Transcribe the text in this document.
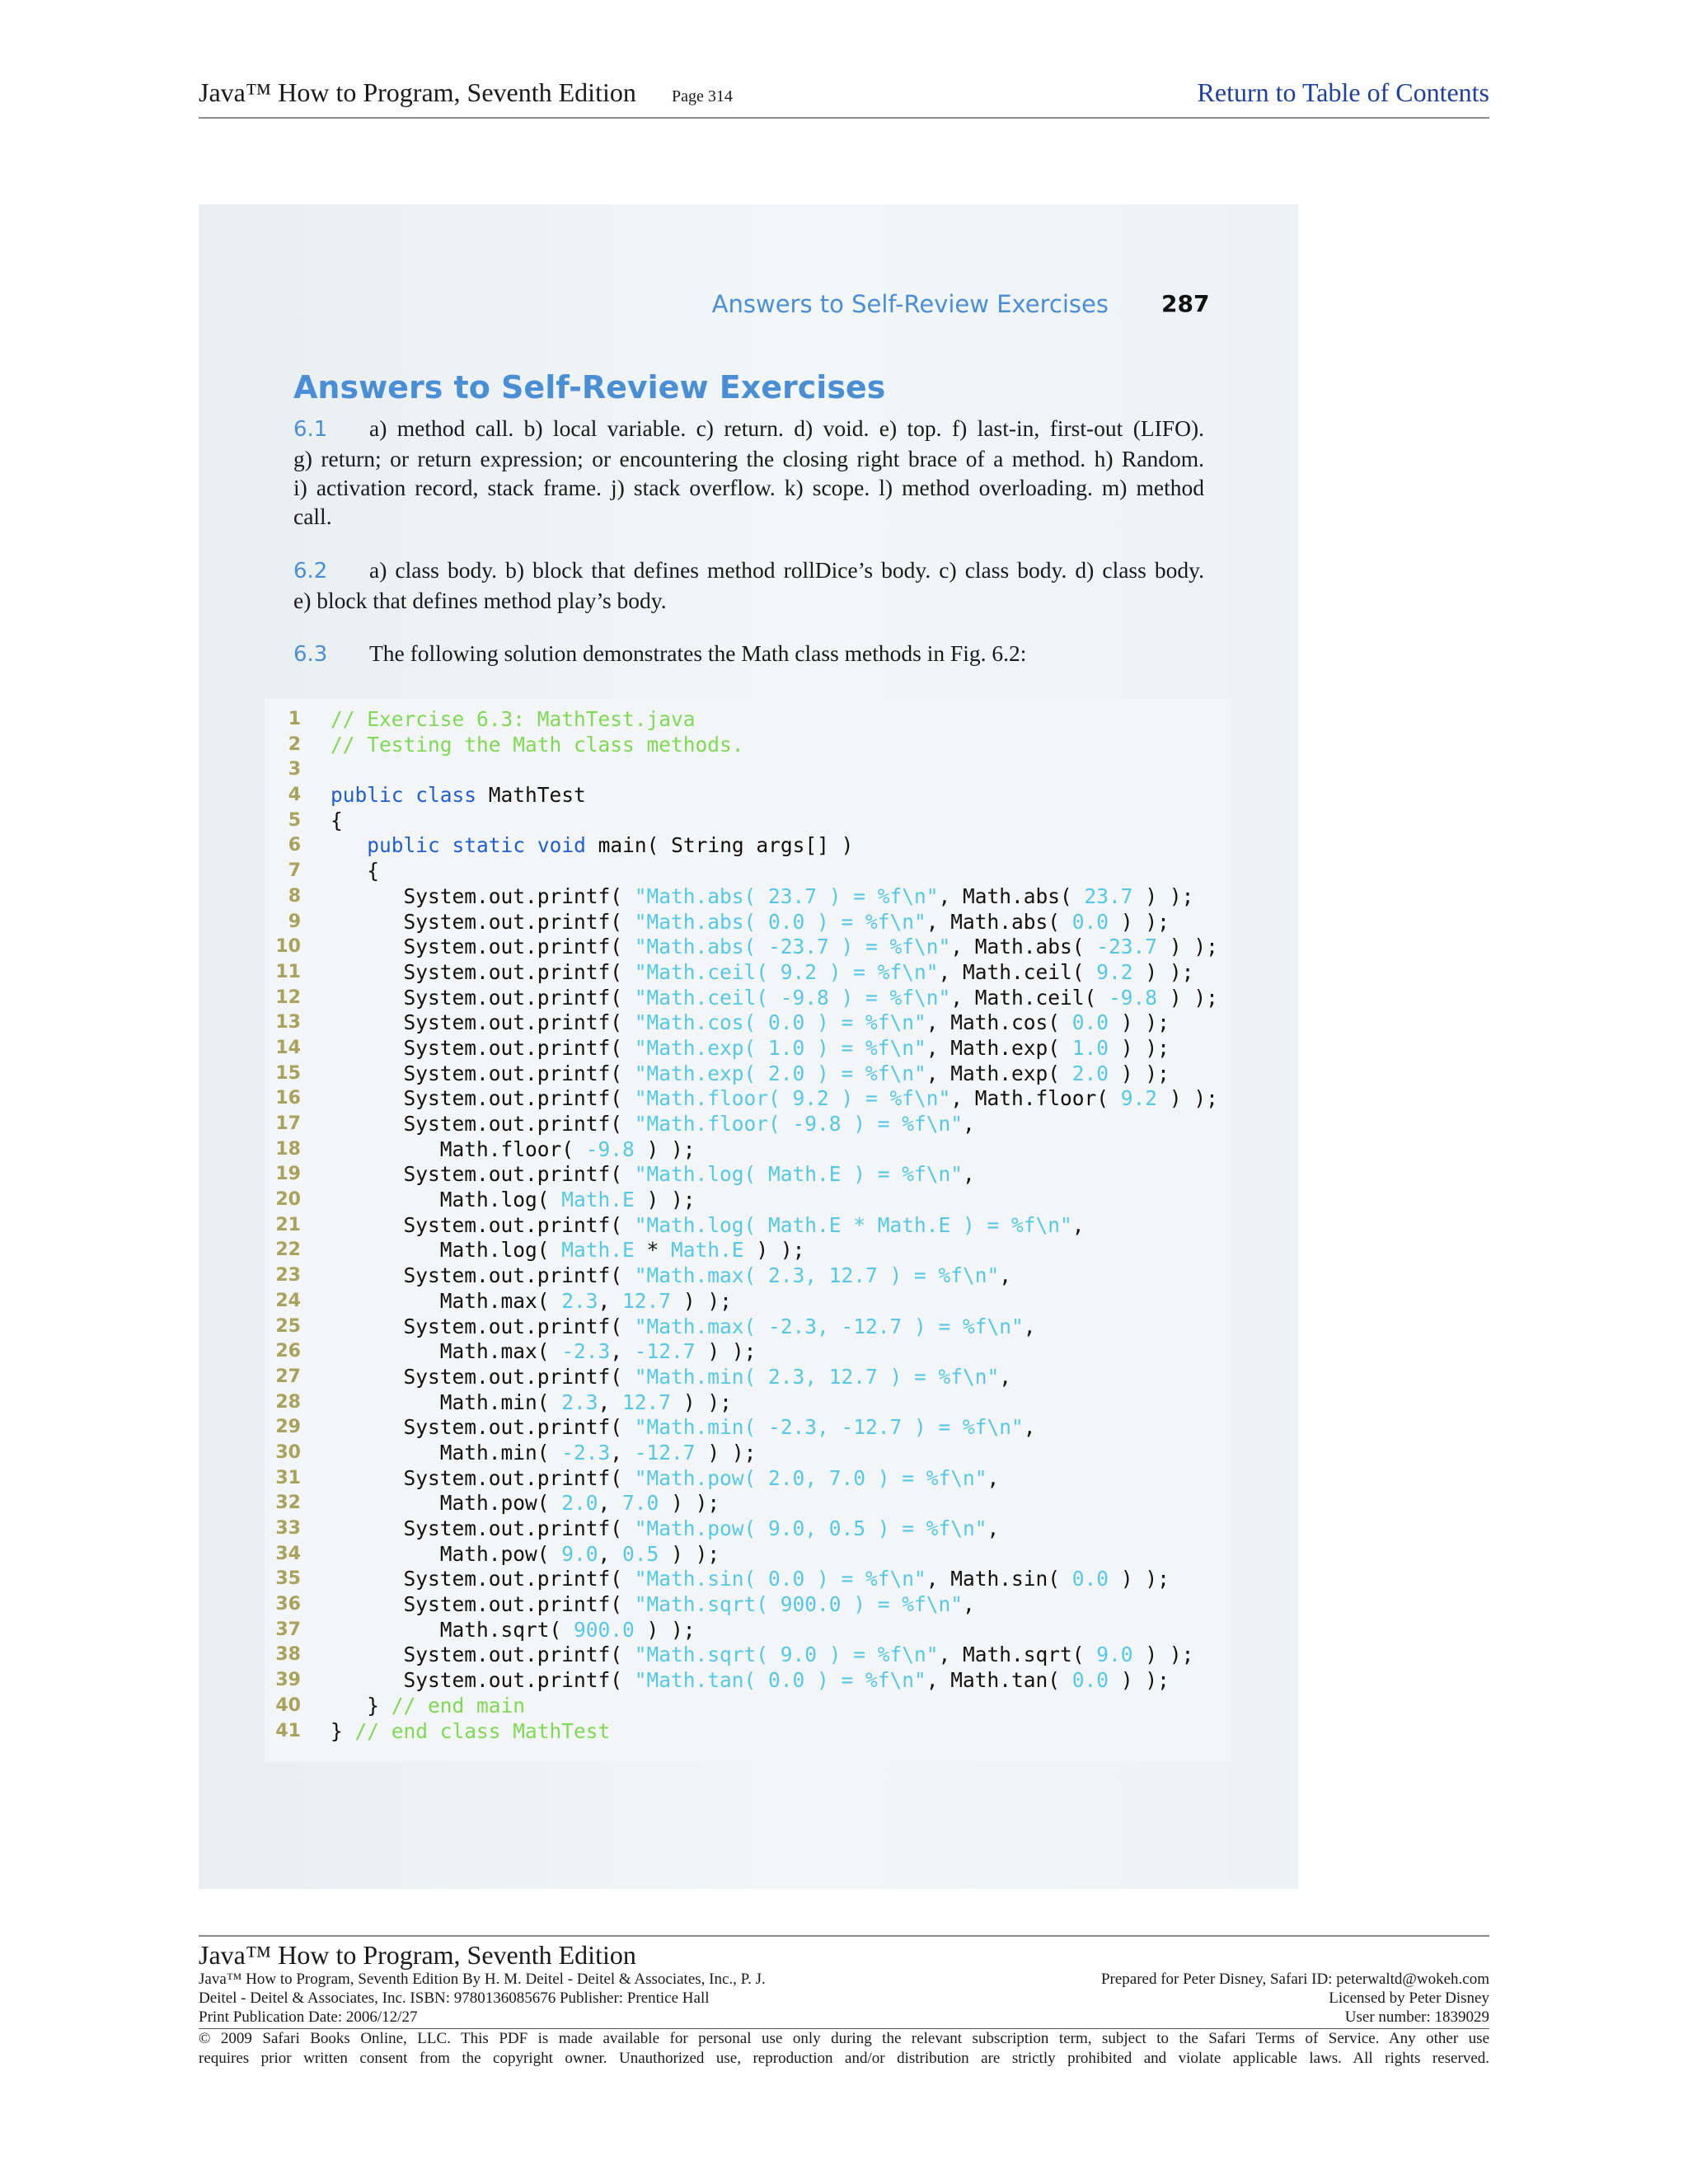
Java™ How to Program, Seventh Edition Page 314	Return to Table of Contents
Answers to Self-Review Exercises 287
Answers to Self-Review Exercises
6.1 a) method call. b) local variable. c) return. d) void. e) top. f) last-in, first-out (LIFO).
g) return; or return expression; or encountering the closing right brace of a method. h) Random.
i) activation record, stack frame. j) stack overflow. k) scope. l) method overloading. m) method
call.
6.2 a) class body. b) block that defines method rollDice’s body. c) class body. d) class body.
e) block that defines method play’s body.
6.3 The following solution demonstrates the Math class methods in Fig. 6.2:
1 // Exercise 6.3: MathTest.java
2 // Testing the Math class methods.
3
4 public class MathTest
5 {
6	public static void main( String args[] )
7 {
8 System.out.printf( "Math.abs( 23.7 ) = %f\n", Math.abs( 23.7 ) );
9 System.out.printf( "Math.abs( 0.0 ) = %f\n", Math.abs( 0.0 ) );
10 System.out.printf( "Math.abs( -23.7 ) = %f\n", Math.abs( -23.7 ) );
11 System.out.printf( "Math.ceil( 9.2 ) = %f\n", Math.ceil( 9.2 ) );
12 System.out.printf( "Math.ceil( -9.8 ) = %f\n", Math.ceil( -9.8 ) );
13 System.out.printf( "Math.cos( 0.0 ) = %f\n", Math.cos( 0.0 ) );
14 System.out.printf( "Math.exp( 1.0 ) = %f\n", Math.exp( 1.0 ) );
15 System.out.printf( "Math.exp( 2.0 ) = %f\n", Math.exp( 2.0 ) );
16 System.out.printf( "Math.floor( 9.2 ) = %f\n", Math.floor( 9.2 ) );
17 System.out.printf( "Math.floor( -9.8 ) = %f\n",
18 Math.floor( -9.8 ) );
19 System.out.printf( "Math.log( Math.E ) = %f\n",
20 Math.log( Math.E ) );
21 System.out.printf( "Math.log( Math.E * Math.E ) = %f\n",
22 Math.log( Math.E * Math.E ) );
23 System.out.printf( "Math.max( 2.3, 12.7 ) = %f\n",
24 Math.max( 2.3, 12.7 ) );
25 System.out.printf( "Math.max( -2.3, -12.7 ) = %f\n",
26 Math.max( -2.3, -12.7 ) );
27 System.out.printf( "Math.min( 2.3, 12.7 ) = %f\n",
28 Math.min( 2.3, 12.7 ) );
29 System.out.printf( "Math.min( -2.3, -12.7 ) = %f\n",
30 Math.min( -2.3, -12.7 ) );
31 System.out.printf( "Math.pow( 2.0, 7.0 ) = %f\n",
32 Math.pow( 2.0, 7.0 ) );
33 System.out.printf( "Math.pow( 9.0, 0.5 ) = %f\n",
34 Math.pow( 9.0, 0.5 ) );
35 System.out.printf( "Math.sin( 0.0 ) = %f\n", Math.sin( 0.0 ) );
36 System.out.printf( "Math.sqrt( 900.0 ) = %f\n",
37 Math.sqrt( 900.0 ) );
38 System.out.printf( "Math.sqrt( 9.0 ) = %f\n", Math.sqrt( 9.0 ) );
39 System.out.printf( "Math.tan( 0.0 ) = %f\n", Math.tan( 0.0 ) );
40 } // end main
41 } // end class MathTest
Java™ How to Program, Seventh Edition
Java™ How to Program, Seventh Edition By H. M. Deitel - Deitel & Associates, Inc., P. J.	Prepared for Peter Disney, Safari ID: peterwaltd@wokeh.com
Deitel - Deitel & Associates, Inc. ISBN: 9780136085676 Publisher: Prentice Hall	Licensed by Peter Disney
Print Publication Date: 2006/12/27	User number: 1839029
© 2009 Safari Books Online, LLC. This PDF is made available for personal use only during the relevant subscription term, subject to the Safari Terms of Service. Any other use
requires prior written consent from the copyright owner. Unauthorized use, reproduction and/or distribution are strictly prohibited and violate applicable laws. All rights reserved.
